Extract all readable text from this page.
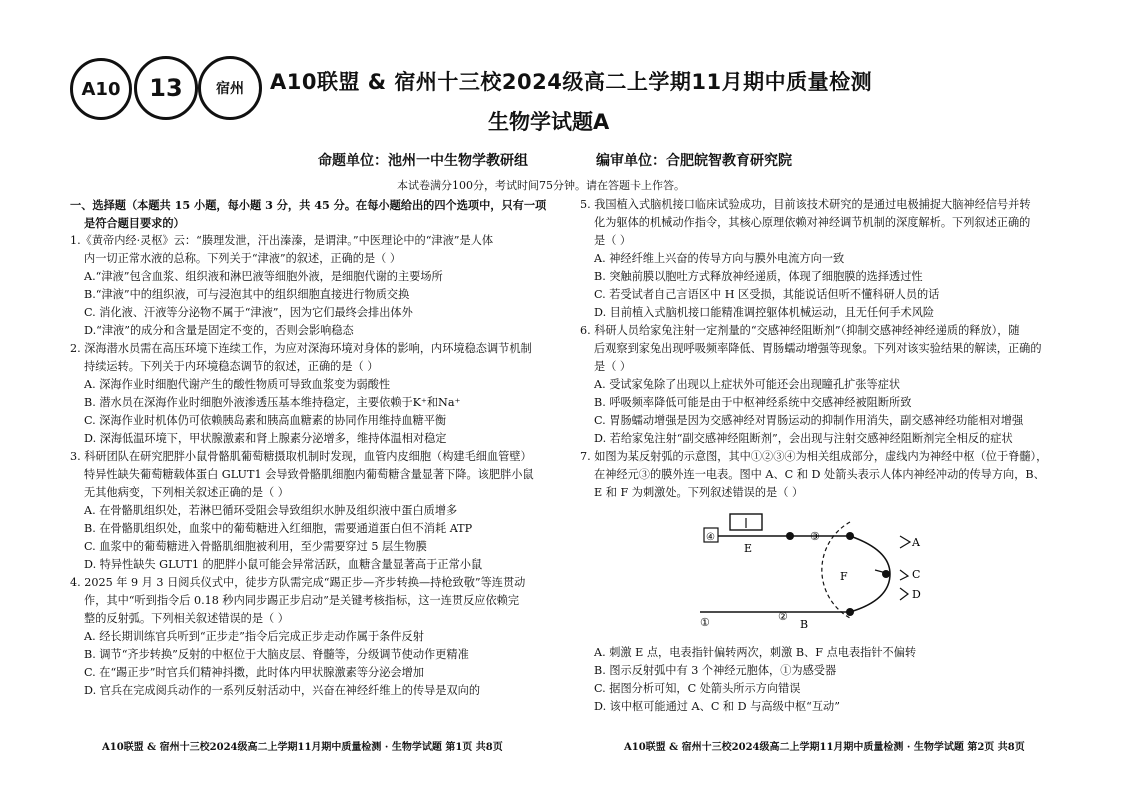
A10 13 宿州 A10联盟 & 宿州十三校2024级高二上学期11月期中质量检测
生物学试题A
命题单位：池州一中生物学教研组	编审单位：合肥皖智教育研究院
本试卷满分100分，考试时间75分钟。请在答题卡上作答。
一、选择题（本题共 15 小题，每小题 3 分，共 45 分。在每小题给出的四个选项中，只有一项
是符合题目要求的）
1.《黄帝内经·灵枢》云：“腠理发泄，汗出溱溱，是谓津。”中医理论中的“津液”是人体
内一切正常水液的总称。下列关于“津液”的叙述，正确的是（ ）
A.“津液”包含血浆、组织液和淋巴液等细胞外液，是细胞代谢的主要场所
B.“津液”中的组织液，可与浸泡其中的组织细胞直接进行物质交换
C. 消化液、汗液等分泌物不属于“津液”，因为它们最终会排出体外
D.“津液”的成分和含量是固定不变的，否则会影响稳态
2. 深海潜水员需在高压环境下连续工作，为应对深海环境对身体的影响，内环境稳态调节机制
持续运转。下列关于内环境稳态调节的叙述，正确的是（ ）
A. 深海作业时细胞代谢产生的酸性物质可导致血浆变为弱酸性
B. 潜水员在深海作业时细胞外液渗透压基本维持稳定，主要依赖于K⁺和Na⁺
C. 深海作业时机体仍可依赖胰岛素和胰高血糖素的协同作用维持血糖平衡
D. 深海低温环境下，甲状腺激素和肾上腺素分泌增多，维持体温相对稳定
3. 科研团队在研究肥胖小鼠骨骼肌葡萄糖摄取机制时发现，血管内皮细胞（构建毛细血管壁）
特异性缺失葡萄糖载体蛋白 GLUT1 会导致骨骼肌细胞内葡萄糖含量显著下降。该肥胖小鼠
无其他病变，下列相关叙述正确的是（ ）
A. 在骨骼肌组织处，若淋巴循环受阻会导致组织水肿及组织液中蛋白质增多
B. 在骨骼肌组织处，血浆中的葡萄糖进入红细胞，需要通道蛋白但不消耗 ATP
C. 血浆中的葡萄糖进入骨骼肌细胞被利用，至少需要穿过 5 层生物膜
D. 特异性缺失 GLUT1 的肥胖小鼠可能会异常活跃，血糖含量显著高于正常小鼠
4. 2025 年 9 月 3 日阅兵仪式中，徒步方队需完成“踢正步—齐步转换—持枪致敬”等连贯动
作，其中“听到指令后 0.18 秒内同步踢正步启动”是关键考核指标，这一连贯反应依赖完
整的反射弧。下列相关叙述错误的是（ ）
A. 经长期训练官兵听到“正步走”指令后完成正步走动作属于条件反射
B. 调节“齐步转换”反射的中枢位于大脑皮层、脊髓等，分级调节使动作更精准
C. 在“踢正步”时官兵们精神抖擞，此时体内甲状腺激素等分泌会增加
D. 官兵在完成阅兵动作的一系列反射活动中，兴奋在神经纤维上的传导是双向的
5. 我国植入式脑机接口临床试验成功，目前该技术研究的是通过电极捕捉大脑神经信号并转
化为躯体的机械动作指令，其核心原理依赖对神经调节机制的深度解析。下列叙述正确的
是（ ）
A. 神经纤维上兴奋的传导方向与膜外电流方向一致
B. 突触前膜以胞吐方式释放神经递质，体现了细胞膜的选择透过性
C. 若受试者自己言语区中 H 区受损，其能说话但听不懂科研人员的话
D. 目前植入式脑机接口能精准调控躯体机械运动，且无任何手术风险
6. 科研人员给家兔注射一定剂量的“交感神经阻断剂”（抑制交感神经神经递质的释放），随
后观察到家兔出现呼吸频率降低、胃肠蠕动增强等现象。下列对该实验结果的解读，正确的
是（ ）
A. 受试家兔除了出现以上症状外可能还会出现瞳孔扩张等症状
B. 呼吸频率降低可能是由于中枢神经系统中交感神经被阻断所致
C. 胃肠蠕动增强是因为交感神经对胃肠运动的抑制作用消失，副交感神经功能相对增强
D. 若给家兔注射“副交感神经阻断剂”，会出现与注射交感神经阻断剂完全相反的症状
7. 如图为某反射弧的示意图，其中①②③④为相关组成部分，虚线内为神经中枢（位于脊髓），
在神经元③的膜外连一电表。图中 A、C 和 D 处箭头表示人体内神经冲动的传导方向，B、
E 和 F 为刺激处。下列叙述错误的是（ ）
④	③
②
①
E
F
B
A
C
D
A. 刺激 E 点，电表指针偏转两次，刺激 B、F 点电表指针不偏转
B. 图示反射弧中有 3 个神经元胞体，①为感受器
C. 据图分析可知，C 处箭头所示方向错误
D. 该中枢可能通过 A、C 和 D 与高级中枢“互动”
A10联盟 & 宿州十三校2024级高二上学期11月期中质量检测 · 生物学试题 第1页 共8页	A10联盟 & 宿州十三校2024级高二上学期11月期中质量检测 · 生物学试题 第2页 共8页
